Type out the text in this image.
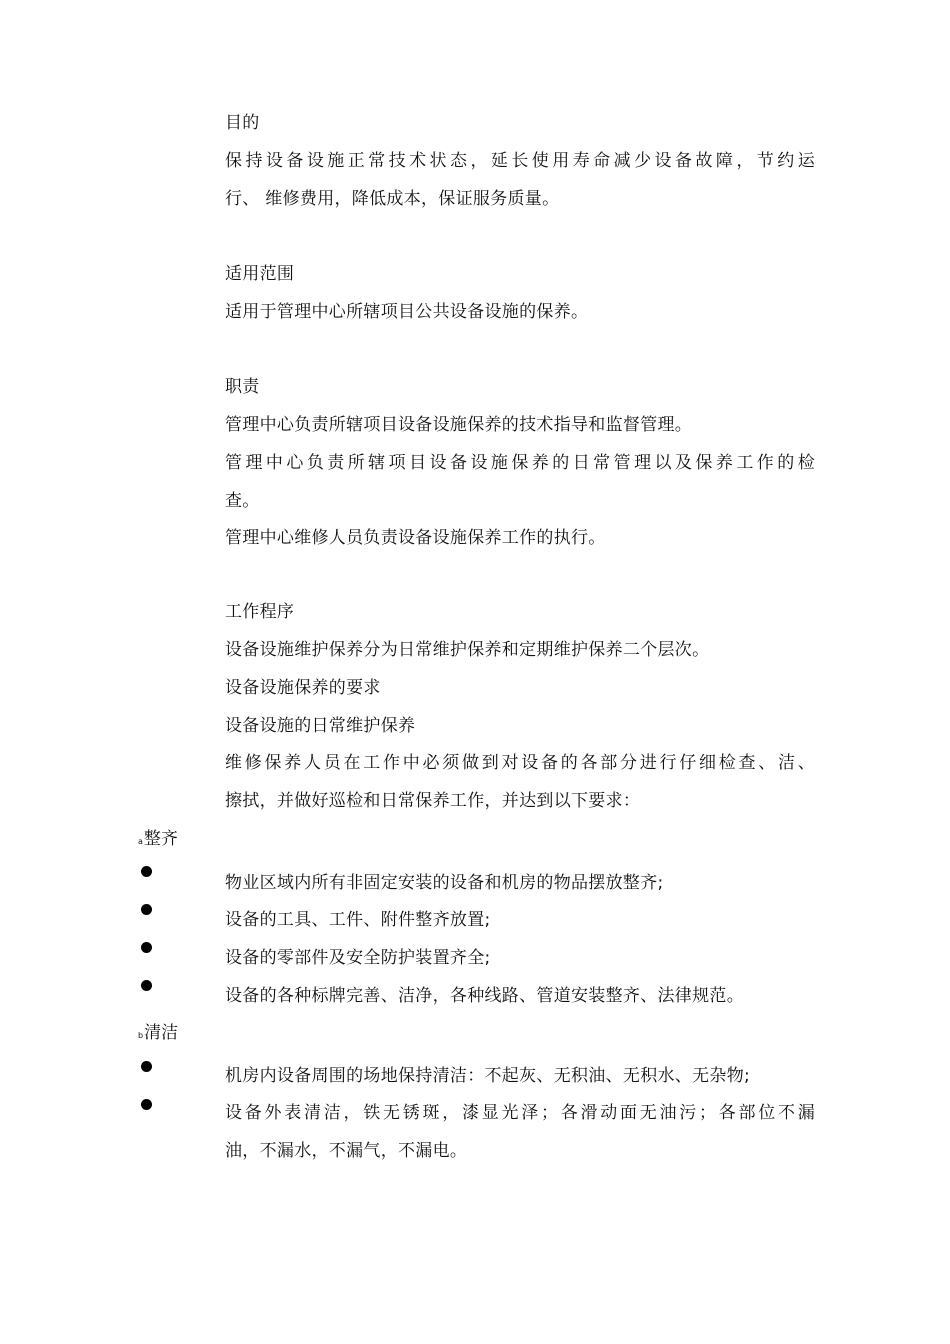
目的
保持设备设施正常技术状态，延长使用寿命减少设备故障，节约运
行、 维修费用，降低成本，保证服务质量。
适用范围
适用于管理中心所辖项目公共设备设施的保养。
职责
管理中心负责所辖项目设备设施保养的技术指导和监督管理。
管理中心负责所辖项目设备设施保养的日常管理以及保养工作的检
查。
管理中心维修人员负责设备设施保养工作的执行。
工作程序
设备设施维护保养分为日常维护保养和定期维护保养二个层次。
设备设施保养的要求
设备设施的日常维护保养
维修保养人员在工作中必须做到对设备的各部分进行仔细检查、洁、
擦拭，并做好巡检和日常保养工作，并达到以下要求：
a整齐
物业区域内所有非固定安装的设备和机房的物品摆放整齐;
设备的工具、工件、附件整齐放置;
设备的零部件及安全防护装置齐全;
设备的各种标牌完善、洁净，各种线路、管道安装整齐、法律规范。
b清洁
机房内设备周围的场地保持清洁：不起灰、无积油、无积水、无杂物;
设备外表清洁，铁无锈斑，漆显光泽；各滑动面无油污；各部位不漏
油，不漏水，不漏气，不漏电。
